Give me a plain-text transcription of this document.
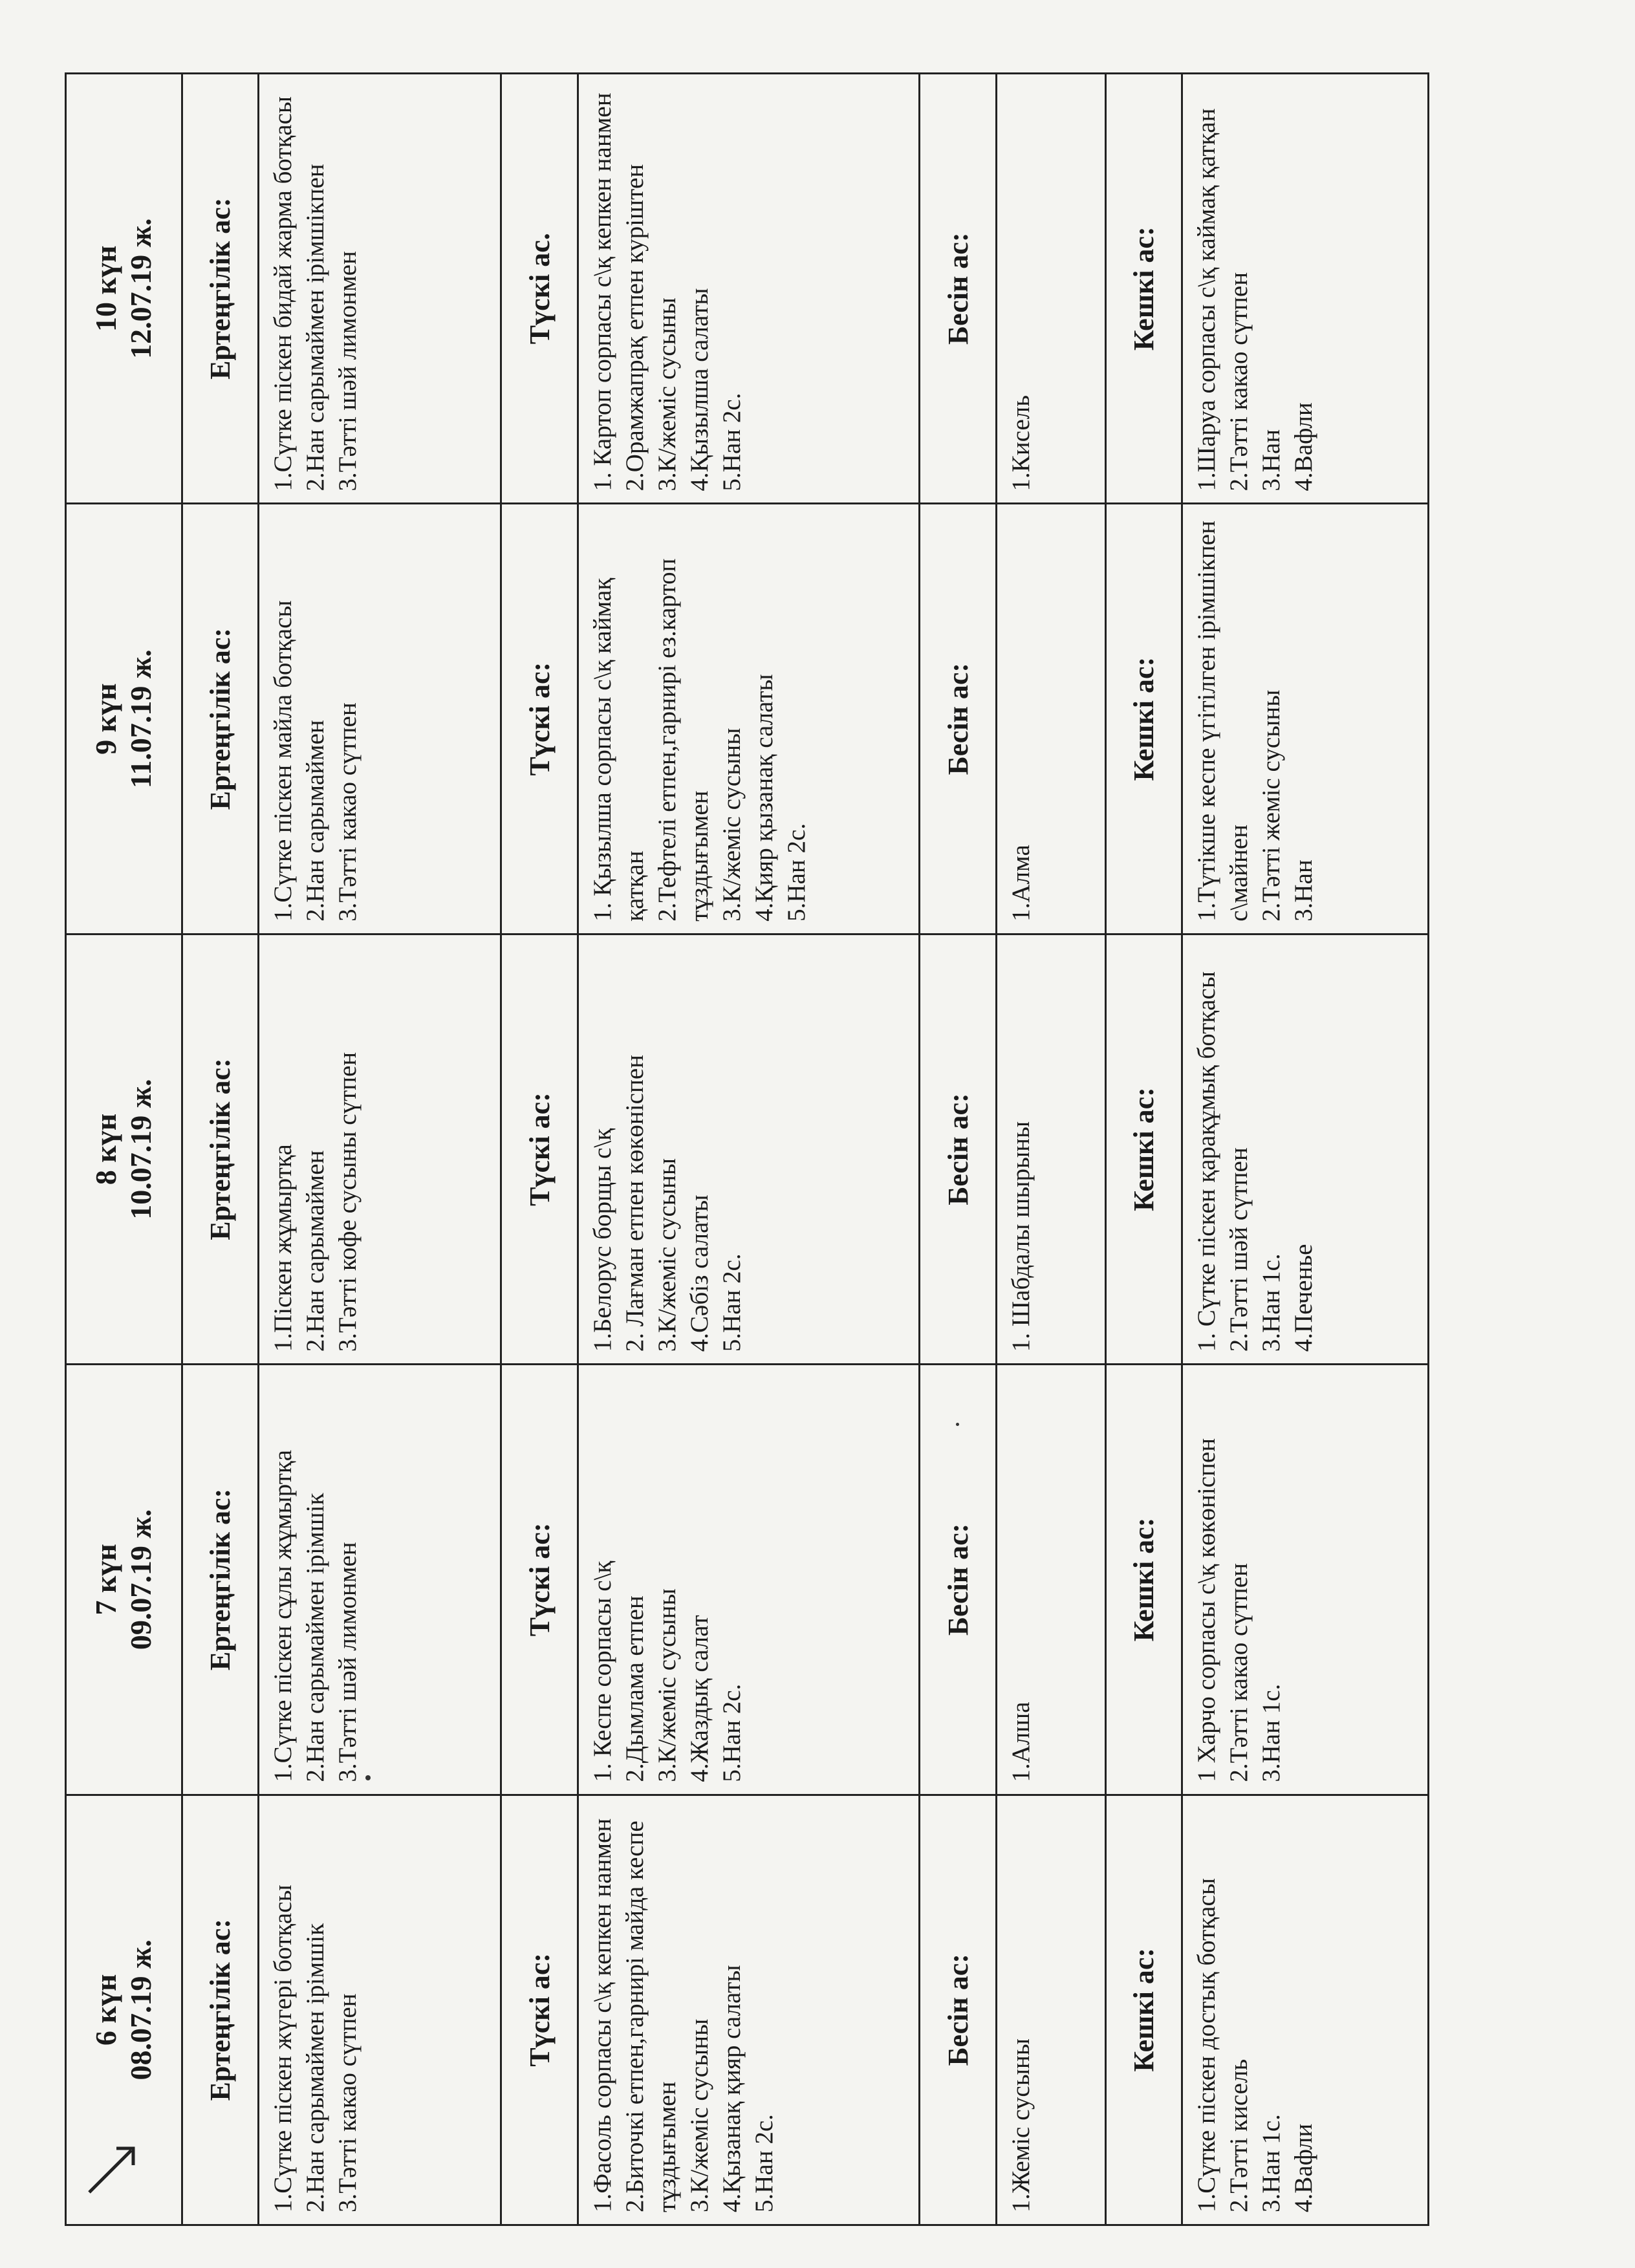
6 күн 08.07.19 ж.	7 күн 09.07.19 ж.	8 күн 10.07.19 ж.	9 күн 11.07.19 ж.	10 күн 12.07.19 ж.

Ертеңгілік ас:	Ертеңгілік ас:	Ертеңгілік ас:	Ертеңгілік ас:	Ертеңгілік ас:

1.Сүтке піскен жүгері ботқасы 2.Нан сарымаймен ірімшік 3.Тәтті какао сүтпен	1.Сүтке піскен сұлы жұмыртқа 2.Нан сарымаймен ірімшік 3.Тәтті шәй лимонмен	1.Піскен жұмыртқа 2.Нан сарымаймен 3.Тәтті кофе сусыны сүтпен	1.Сүтке піскен майла ботқасы 2.Нан сарымаймен 3.Тәтті какао сүтпен	1.Сүтке піскен бидай жарма ботқасы 2.Нан сарымаймен ірімшікпен 3.Тәтті шәй лимонмен

Түскі ас:	Түскі ас:	Түскі ас:	Түскі ас:	Түскі ас.

1.Фасоль сорпасы с\қ кепкен нанмен 2.Биточкі етпен,гарнирі майда кеспе тұздығымен 3.К/жеміс сусыны 4.Қызанақ қияр салаты 5.Нан 2с.	1. Кеспе сорпасы с\қ 2.Дымлама етпен 3.К/жеміс сусыны 4.Жаздық салат 5.Нан 2с.	1.Белорус борщы с\қ 2. Лағман етпен көкөніспен 3.К/жеміс сусыны 4.Сәбіз салаты 5.Нан 2с.	1. Қызылша сорпасы с\қ каймақ қатқан 2.Тефтелі етпен,гарнирі ез.картоп тұздығымен 3.К/жеміс сусыны 4.Қияр қызанақ салаты 5.Нан 2с.	1. Картоп сорпасы с\қ кепкен нанмен 2.Орамжапрақ етпен куріштен 3.К/жеміс сусыны 4.Қызылша салаты 5.Нан 2с.

Бесін ас:	Бесін ас:	Бесін ас:	Бесін ас:	Бесін ас:

1.Жеміс сусыны	1.Алша	1. Шабдалы шырыны	1.Алма	1.Кисель

Кешкі ас:	Кешкі ас:	Кешкі ас:	Кешкі ас:	Кешкі ас:

1.Сүтке піскен достық ботқасы 2.Тәтті кисель 3.Нан 1с. 4.Вафли	1 Харчо сорпасы с\қ көкөніспен 2.Тәтті какао сүтпен 3.Нан 1с.	1. Сүтке піскен қарақұмық ботқасы 2.Тәтті шәй сүтпен 3.Нан 1с. 4.Печенье	1.Түтікше кеспе үгітілген ірімшікпен с\майнен 2.Тәтті жеміс сусыны 3.Нан	1.Шаруа сорпасы с\қ каймақ қатқан 2.Тәтті какао сүтпен 3.Нан 4.Вафли
